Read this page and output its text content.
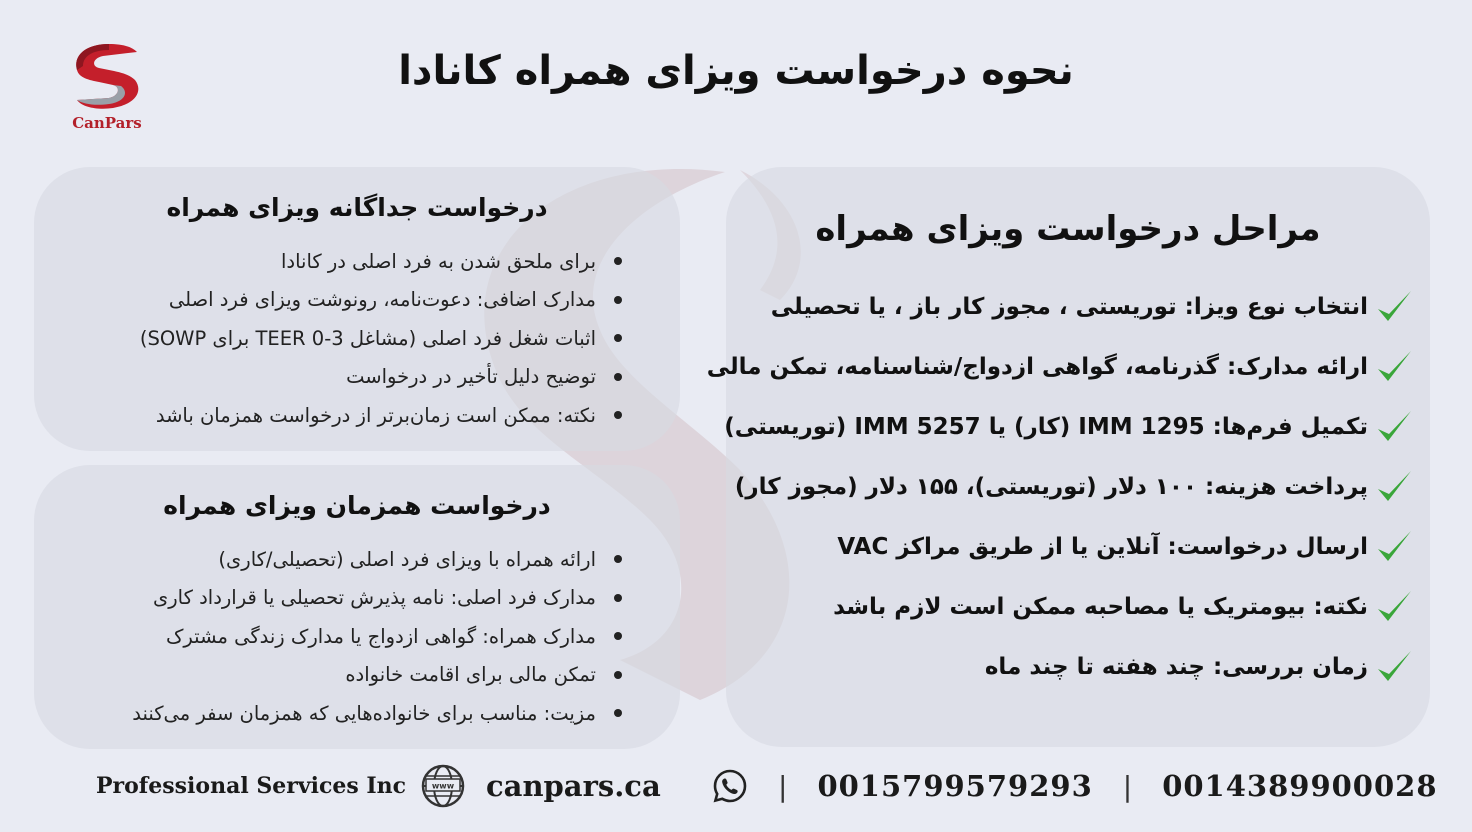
CanPars
نحوه درخواست ویزای همراه کانادا
مراحل درخواست ویزای همراه
انتخاب نوع ویزا: توریستی ، مجوز کار باز ، یا تحصیلی
ارائه مدارک: گذرنامه، گواهی ازدواج/شناسنامه، تمکن مالی
تکمیل فرم‌ها: IMM 1295 (کار) یا IMM 5257 (توریستی)
پرداخت هزینه: ۱۰۰ دلار (توریستی)، ۱۵۵ دلار (مجوز کار)
ارسال درخواست: آنلاین یا از طریق مراکز VAC
نکته: بیومتریک یا مصاحبه ممکن است لازم باشد
زمان بررسی: چند هفته تا چند ماه
درخواست جداگانه ویزای همراه
برای ملحق شدن به فرد اصلی در کانادا
مدارک اضافی: دعوت‌نامه، رونوشت ویزای فرد اصلی
اثبات شغل فرد اصلی (مشاغل TEER 0-3 برای SOWP)
توضیح دلیل تأخیر در درخواست
نکته: ممکن است زمان‌برتر از درخواست همزمان باشد
درخواست همزمان ویزای همراه
ارائه همراه با ویزای فرد اصلی (تحصیلی/کاری)
مدارک فرد اصلی: نامه پذیرش تحصیلی یا قرارداد کاری
مدارک همراه: گواهی ازدواج یا مدارک زندگی مشترک
تمکن مالی برای اقامت خانواده
مزیت: مناسب برای خانواده‌هایی که همزمان سفر می‌کنند
Professional Services Inc	www canpars.ca	| 0015799579293 | 0014389900028
